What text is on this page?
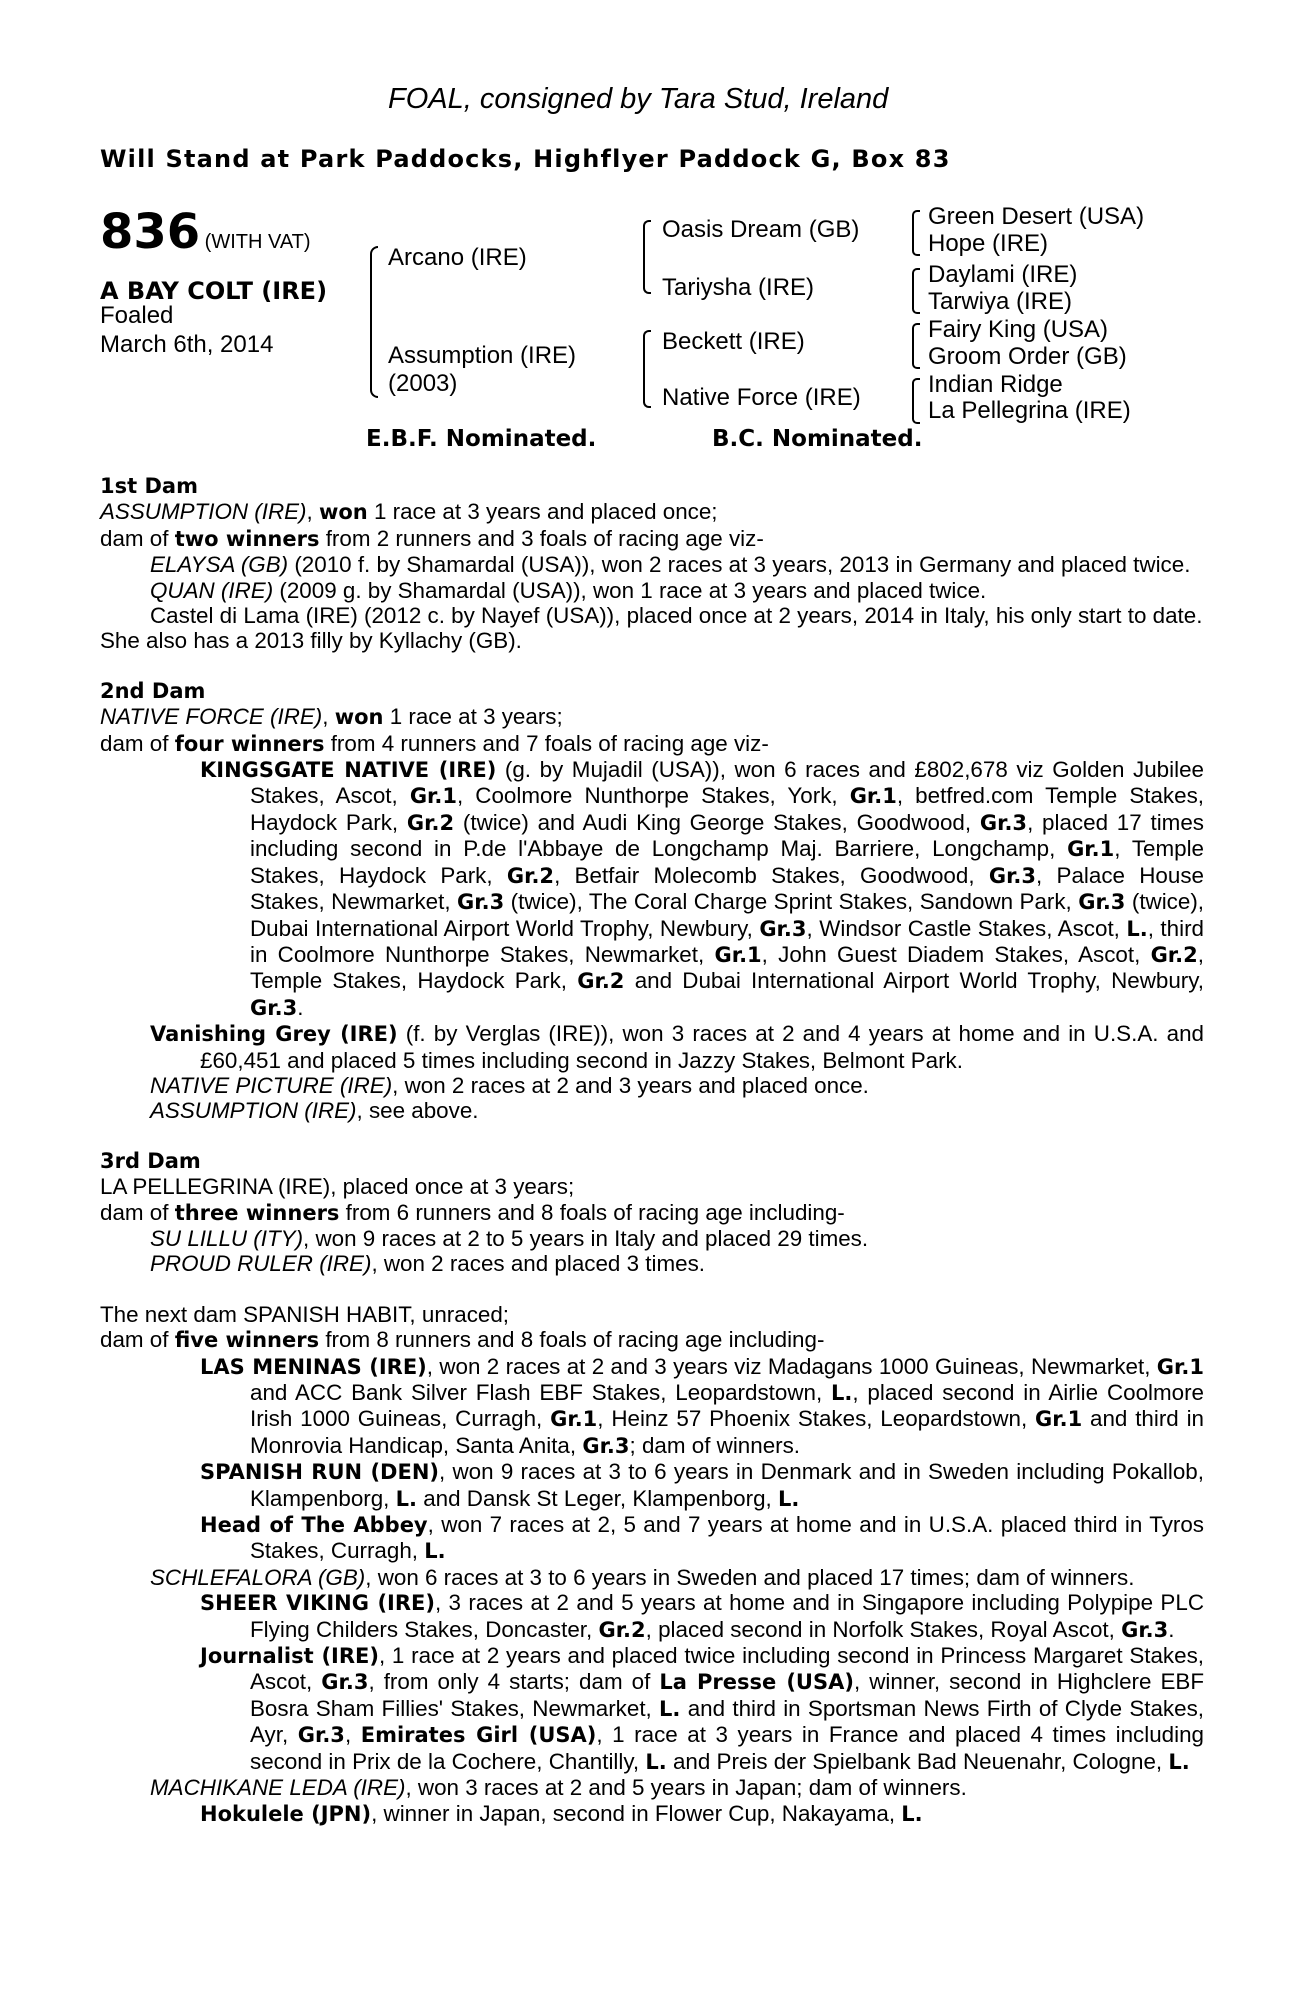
FOAL, consigned by Tara Stud, Ireland
Will Stand at Park Paddocks, Highflyer Paddock G, Box 83
836 (WITH VAT)
A BAY COLT (IRE)
Foaled
March 6th, 2014
Arcano (IRE)
Assumption (IRE)
(2003)
Oasis Dream (GB)
Tariysha (IRE)
Beckett (IRE)
Native Force (IRE)
Green Desert (USA)
Hope (IRE)
Daylami (IRE)
Tarwiya (IRE)
Fairy King (USA)
Groom Order (GB)
Indian Ridge
La Pellegrina (IRE)
E.B.F. Nominated.	B.C. Nominated.
1st Dam
ASSUMPTION (IRE), won 1 race at 3 years and placed once;
dam of two winners from 2 runners and 3 foals of racing age viz-
ELAYSA (GB) (2010 f. by Shamardal (USA)), won 2 races at 3 years, 2013 in Germany and placed twice.
QUAN (IRE) (2009 g. by Shamardal (USA)), won 1 race at 3 years and placed twice.
Castel di Lama (IRE) (2012 c. by Nayef (USA)), placed once at 2 years, 2014 in Italy, his only start to date.
She also has a 2013 filly by Kyllachy (GB).
2nd Dam
NATIVE FORCE (IRE), won 1 race at 3 years;
dam of four winners from 4 runners and 7 foals of racing age viz-
KINGSGATE NATIVE (IRE) (g. by Mujadil (USA)), won 6 races and £802,678 viz Golden Jubilee Stakes, Ascot, Gr.1, Coolmore Nunthorpe Stakes, York, Gr.1, betfred.com Temple Stakes, Haydock Park, Gr.2 (twice) and Audi King George Stakes, Goodwood, Gr.3, placed 17 times including second in P.de l'Abbaye de Longchamp Maj. Barriere, Longchamp, Gr.1, Temple Stakes, Haydock Park, Gr.2, Betfair Molecomb Stakes, Goodwood, Gr.3, Palace House Stakes, Newmarket, Gr.3 (twice), The Coral Charge Sprint Stakes, Sandown Park, Gr.3 (twice), Dubai International Airport World Trophy, Newbury, Gr.3, Windsor Castle Stakes, Ascot, L., third in Coolmore Nunthorpe Stakes, Newmarket, Gr.1, John Guest Diadem Stakes, Ascot, Gr.2, Temple Stakes, Haydock Park, Gr.2 and Dubai International Airport World Trophy, Newbury, Gr.3.
Vanishing Grey (IRE) (f. by Verglas (IRE)), won 3 races at 2 and 4 years at home and in U.S.A. and £60,451 and placed 5 times including second in Jazzy Stakes, Belmont Park.
NATIVE PICTURE (IRE), won 2 races at 2 and 3 years and placed once.
ASSUMPTION (IRE), see above.
3rd Dam
LA PELLEGRINA (IRE), placed once at 3 years;
dam of three winners from 6 runners and 8 foals of racing age including-
SU LILLU (ITY), won 9 races at 2 to 5 years in Italy and placed 29 times.
PROUD RULER (IRE), won 2 races and placed 3 times.
The next dam SPANISH HABIT, unraced;
dam of five winners from 8 runners and 8 foals of racing age including-
LAS MENINAS (IRE), won 2 races at 2 and 3 years viz Madagans 1000 Guineas, Newmarket, Gr.1 and ACC Bank Silver Flash EBF Stakes, Leopardstown, L., placed second in Airlie Coolmore Irish 1000 Guineas, Curragh, Gr.1, Heinz 57 Phoenix Stakes, Leopardstown, Gr.1 and third in Monrovia Handicap, Santa Anita, Gr.3; dam of winners.
SPANISH RUN (DEN), won 9 races at 3 to 6 years in Denmark and in Sweden including Pokallob, Klampenborg, L. and Dansk St Leger, Klampenborg, L.
Head of The Abbey, won 7 races at 2, 5 and 7 years at home and in U.S.A. placed third in Tyros Stakes, Curragh, L.
SCHLEFALORA (GB), won 6 races at 3 to 6 years in Sweden and placed 17 times; dam of winners.
SHEER VIKING (IRE), 3 races at 2 and 5 years at home and in Singapore including Polypipe PLC Flying Childers Stakes, Doncaster, Gr.2, placed second in Norfolk Stakes, Royal Ascot, Gr.3.
Journalist (IRE), 1 race at 2 years and placed twice including second in Princess Margaret Stakes, Ascot, Gr.3, from only 4 starts; dam of La Presse (USA), winner, second in Highclere EBF Bosra Sham Fillies' Stakes, Newmarket, L. and third in Sportsman News Firth of Clyde Stakes, Ayr, Gr.3, Emirates Girl (USA), 1 race at 3 years in France and placed 4 times including second in Prix de la Cochere, Chantilly, L. and Preis der Spielbank Bad Neuenahr, Cologne, L.
MACHIKANE LEDA (IRE), won 3 races at 2 and 5 years in Japan; dam of winners.
Hokulele (JPN), winner in Japan, second in Flower Cup, Nakayama, L.
